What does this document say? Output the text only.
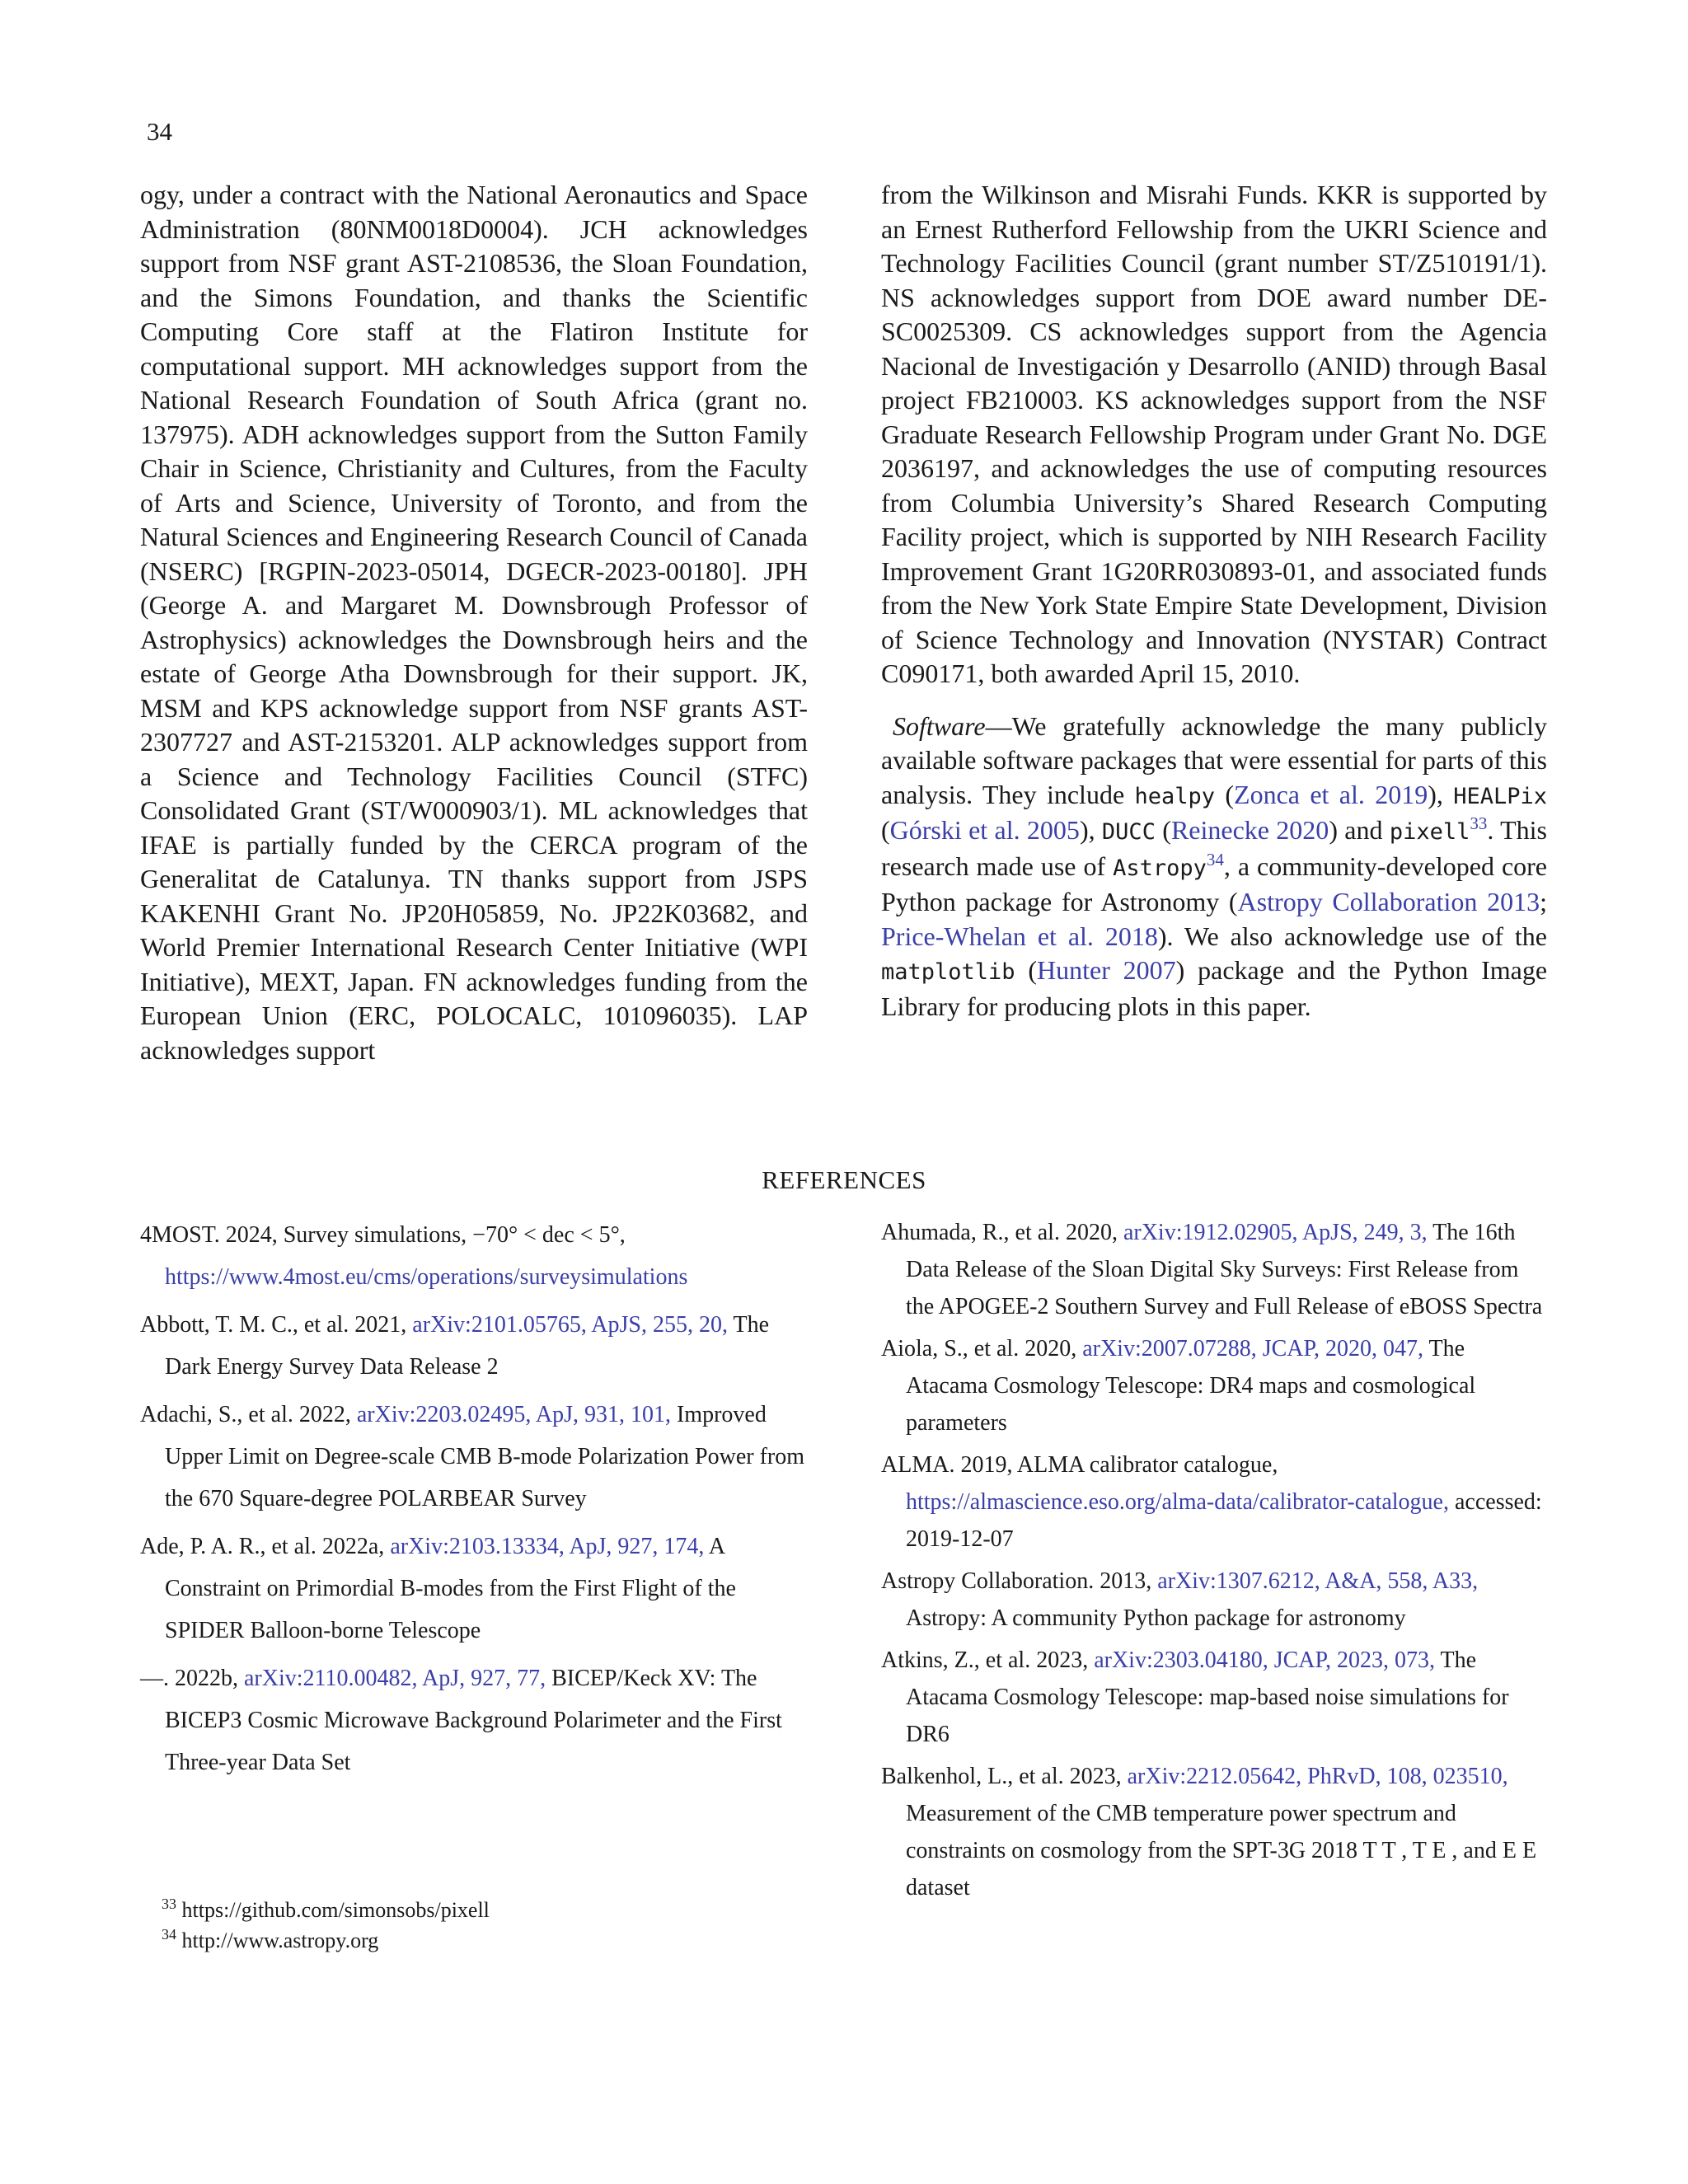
34

ogy, under a contract with the National Aeronautics and Space Administration (80NM0018D0004). JCH acknowledges support from NSF grant AST-2108536, the Sloan Foundation, and the Simons Foundation, and thanks the Scientific Computing Core staff at the Flatiron Institute for computational support. MH acknowledges support from the National Research Foundation of South Africa (grant no. 137975). ADH acknowledges support from the Sutton Family Chair in Science, Christianity and Cultures, from the Faculty of Arts and Science, University of Toronto, and from the Natural Sciences and Engineering Research Council of Canada (NSERC) [RGPIN-2023-05014, DGECR-2023-00180]. JPH (George A. and Margaret M. Downsbrough Professor of Astrophysics) acknowledges the Downsbrough heirs and the estate of George Atha Downsbrough for their support. JK, MSM and KPS acknowledge support from NSF grants AST-2307727 and AST-2153201. ALP acknowledges support from a Science and Technology Facilities Council (STFC) Consolidated Grant (ST/W000903/1). ML acknowledges that IFAE is partially funded by the CERCA program of the Generalitat de Catalunya. TN thanks support from JSPS KAKENHI Grant No. JP20H05859, No. JP22K03682, and World Premier International Research Center Initiative (WPI Initiative), MEXT, Japan. FN acknowledges funding from the European Union (ERC, POLOCALC, 101096035). LAP acknowledges support

from the Wilkinson and Misrahi Funds. KKR is supported by an Ernest Rutherford Fellowship from the UKRI Science and Technology Facilities Council (grant number ST/Z510191/1). NS acknowledges support from DOE award number DE-SC0025309. CS acknowledges support from the Agencia Nacional de Investigación y Desarrollo (ANID) through Basal project FB210003. KS acknowledges support from the NSF Graduate Research Fellowship Program under Grant No. DGE 2036197, and acknowledges the use of computing resources from Columbia University’s Shared Research Computing Facility project, which is supported by NIH Research Facility Improvement Grant 1G20RR030893-01, and associated funds from the New York State Empire State Development, Division of Science Technology and Innovation (NYSTAR) Contract C090171, both awarded April 15, 2010.

Software—We gratefully acknowledge the many publicly available software packages that were essential for parts of this analysis. They include healpy (Zonca et al. 2019), HEALPix (Górski et al. 2005), DUCC (Reinecke 2020) and pixell$^{33}$. This research made use of Astropy$^{34}$, a community-developed core Python package for Astronomy (Astropy Collaboration 2013; Price-Whelan et al. 2018). We also acknowledge use of the matplotlib (Hunter 2007) package and the Python Image Library for producing plots in this paper.

REFERENCES
4MOST. 2024, Survey simulations, −70° < dec < 5°, https://www.4most.eu/cms/operations/surveysimulations
Abbott, T. M. C., et al. 2021, arXiv:2101.05765, ApJS, 255, 20, The Dark Energy Survey Data Release 2
Adachi, S., et al. 2022, arXiv:2203.02495, ApJ, 931, 101, Improved Upper Limit on Degree-scale CMB B-mode Polarization Power from the 670 Square-degree POLARBEAR Survey
Ade, P. A. R., et al. 2022a, arXiv:2103.13334, ApJ, 927, 174, A Constraint on Primordial B-modes from the First Flight of the SPIDER Balloon-borne Telescope
—. 2022b, arXiv:2110.00482, ApJ, 927, 77, BICEP/Keck XV: The BICEP3 Cosmic Microwave Background Polarimeter and the First Three-year Data Set
Ahumada, R., et al. 2020, arXiv:1912.02905, ApJS, 249, 3, The 16th Data Release of the Sloan Digital Sky Surveys: First Release from the APOGEE-2 Southern Survey and Full Release of eBOSS Spectra
Aiola, S., et al. 2020, arXiv:2007.07288, JCAP, 2020, 047, The Atacama Cosmology Telescope: DR4 maps and cosmological parameters
ALMA. 2019, ALMA calibrator catalogue, https://almascience.eso.org/alma-data/calibrator-catalogue, accessed: 2019-12-07
Astropy Collaboration. 2013, arXiv:1307.6212, A&A, 558, A33, Astropy: A community Python package for astronomy
Atkins, Z., et al. 2023, arXiv:2303.04180, JCAP, 2023, 073, The Atacama Cosmology Telescope: map-based noise simulations for DR6
Balkenhol, L., et al. 2023, arXiv:2212.05642, PhRvD, 108, 023510, Measurement of the CMB temperature power spectrum and constraints on cosmology from the SPT-3G 2018 T T , T E , and E E dataset
$^{33}$ https://github.com/simonsobs/pixell
$^{34}$ http://www.astropy.org
